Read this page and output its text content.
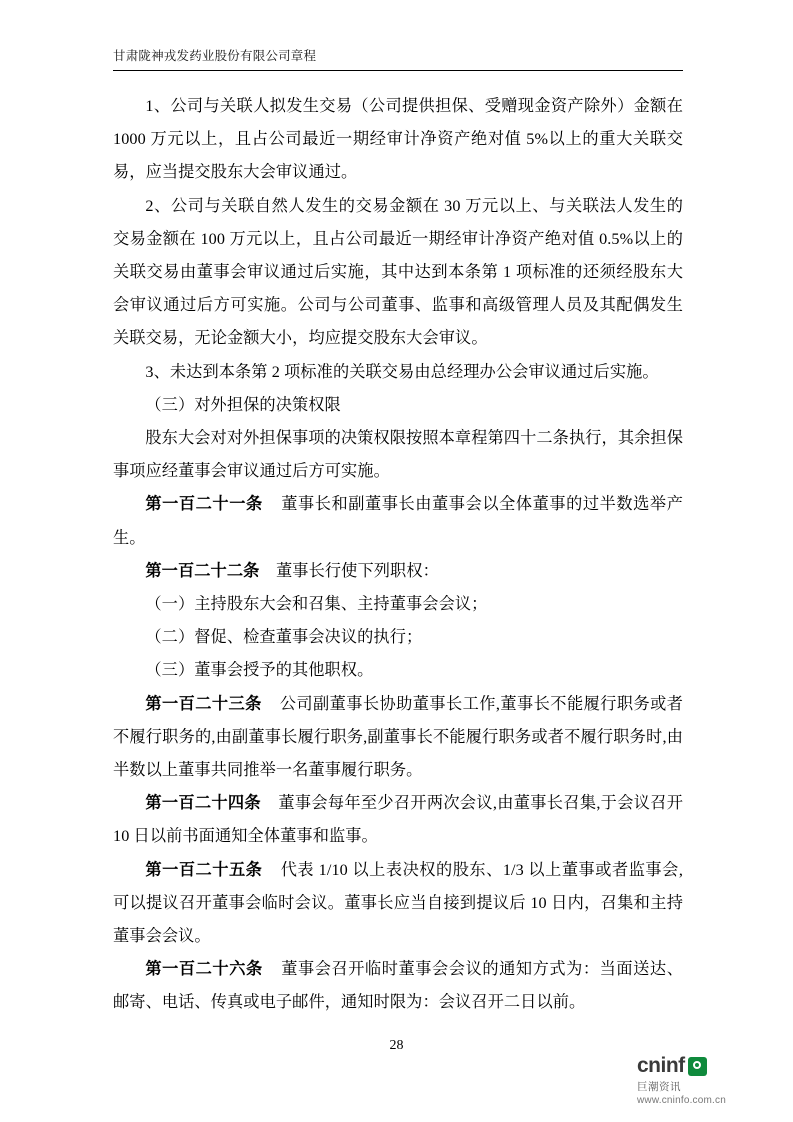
甘肃陇神戎发药业股份有限公司章程

1、公司与关联人拟发生交易（公司提供担保、受赠现金资产除外）金额在 1000 万元以上，且占公司最近一期经审计净资产绝对值 5%以上的重大关联交易，应当提交股东大会审议通过。

2、公司与关联自然人发生的交易金额在 30 万元以上、与关联法人发生的交易金额在 100 万元以上，且占公司最近一期经审计净资产绝对值 0.5%以上的关联交易由董事会审议通过后实施，其中达到本条第 1 项标准的还须经股东大会审议通过后方可实施。公司与公司董事、监事和高级管理人员及其配偶发生关联交易，无论金额大小，均应提交股东大会审议。

3、未达到本条第 2 项标准的关联交易由总经理办公会审议通过后实施。

（三）对外担保的决策权限

股东大会对对外担保事项的决策权限按照本章程第四十二条执行，其余担保事项应经董事会审议通过后方可实施。

第一百二十一条 董事长和副董事长由董事会以全体董事的过半数选举产生。

第一百二十二条 董事长行使下列职权：

（一）主持股东大会和召集、主持董事会会议；

（二）督促、检查董事会决议的执行；

（三）董事会授予的其他职权。

第一百二十三条 公司副董事长协助董事长工作,董事长不能履行职务或者不履行职务的,由副董事长履行职务,副董事长不能履行职务或者不履行职务时,由半数以上董事共同推举一名董事履行职务。

第一百二十四条 董事会每年至少召开两次会议,由董事长召集,于会议召开 10 日以前书面通知全体董事和监事。

第一百二十五条 代表 1/10 以上表决权的股东、1/3 以上董事或者监事会,可以提议召开董事会临时会议。董事长应当自接到提议后 10 日内，召集和主持董事会会议。

第一百二十六条 董事会召开临时董事会会议的通知方式为：当面送达、邮寄、电话、传真或电子邮件，通知时限为：会议召开二日以前。

28
cninf
巨潮资讯
www.cninfo.com.cn
